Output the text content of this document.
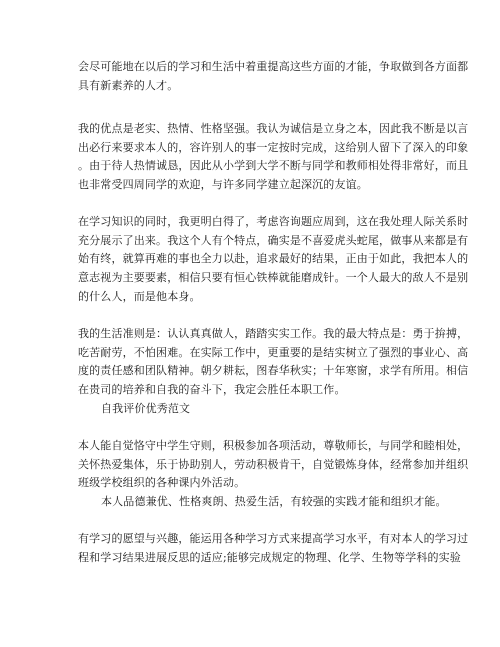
会尽可能地在以后的学习和生活中着重提高这些方面的才能，争取做到各方面都
具有新素养的人才。
我的优点是老实、热情、性格坚强。我认为诚信是立身之本，因此我不断是以言
出必行来要求本人的，容许别人的事一定按时完成，这给别人留下了深入的印象
。由于待人热情诚恳，因此从小学到大学不断与同学和教师相处得非常好，而且
也非常受四周同学的欢迎，与许多同学建立起深沉的友谊。
在学习知识的同时，我更明白得了，考虑咨询题应周到，这在我处理人际关系时
充分展示了出来。我这个人有个特点，确实是不喜爱虎头蛇尾，做事从来都是有
始有终，就算再难的事也全力以赴，追求最好的结果，正由于如此，我把本人的
意志视为主要要素，相信只要有恒心铁棒就能磨成针。一个人最大的敌人不是别
的什么人，而是他本身。
我的生活准则是：认认真真做人，踏踏实实工作。我的最大特点是：勇于拚搏，
吃苦耐劳，不怕困难。在实际工作中，更重要的是结实树立了强烈的事业心、高
度的责任感和团队精神。朝夕耕耘，图春华秋实；十年寒窗，求学有所用。相信
在贵司的培养和自我的奋斗下，我定会胜任本职工作。
自我评价优秀范文
本人能自觉恪守中学生守则，积极参加各项活动，尊敬师长，与同学和睦相处，
关怀热爱集体，乐于协助别人，劳动积极肯干，自觉锻炼身体，经常参加并组织
班级学校组织的各种课内外活动。
本人品德兼优、性格爽朗、热爱生活，有较强的实践才能和组织才能。
有学习的愿望与兴趣，能运用各种学习方式来提高学习水平，有对本人的学习过
程和学习结果进展反思的适应;能够完成规定的物理、化学、生物等学科的实验
